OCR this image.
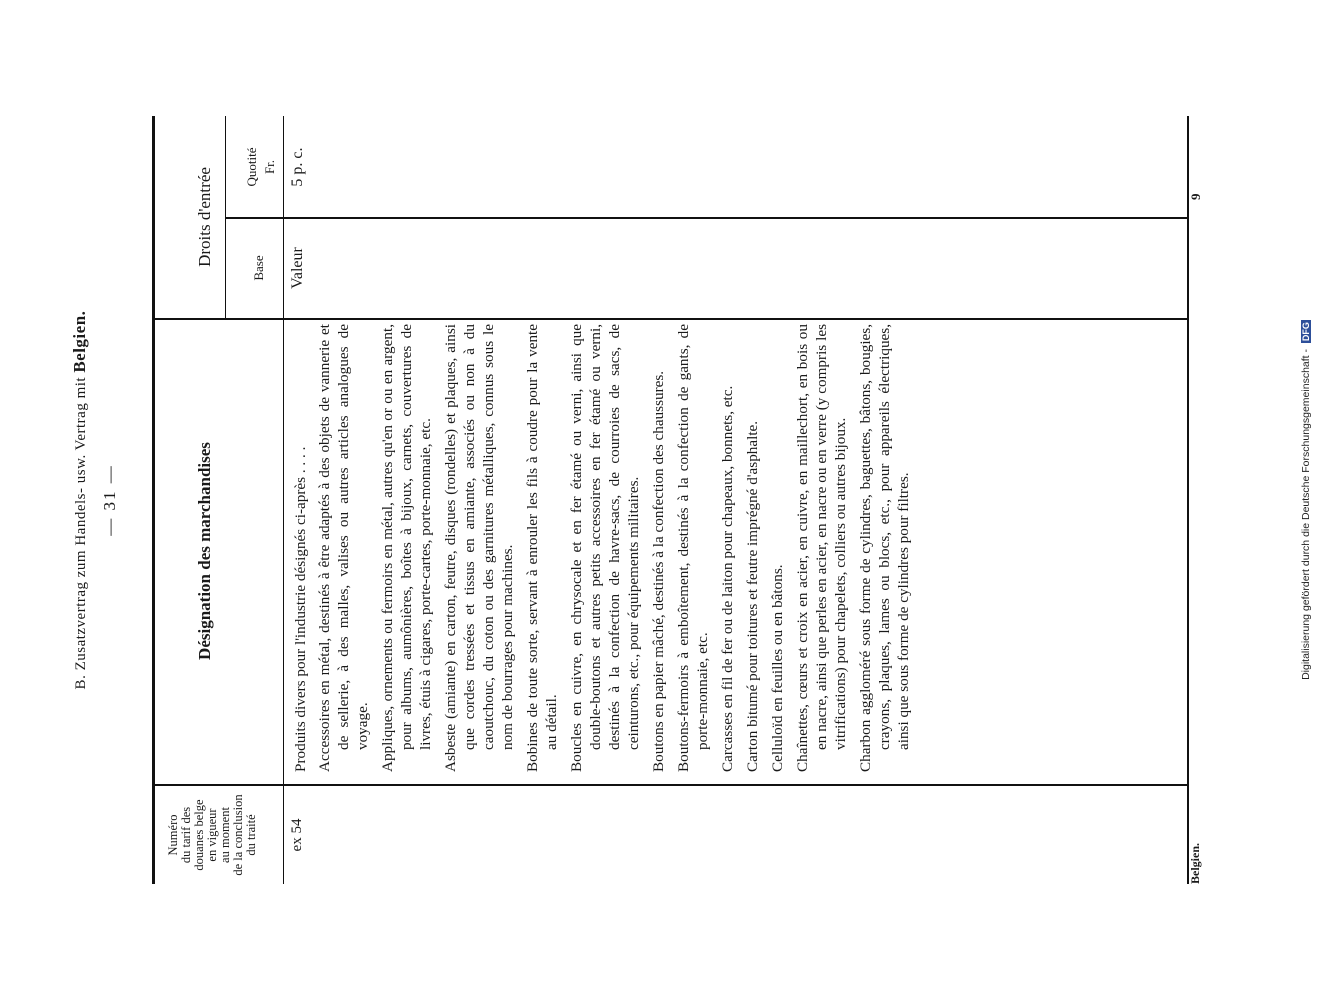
B. Zusatzvertrag zum Handels- usw. Vertrag mit Belgien.
— 31 —
Numéro du tarif des douanes belge en vigueur au moment de la conclusion du traité
Désignation des marchandises
Droits d'entrée
Base
Quotité Fr.
ex 54
Valeur
5 p. c.
Produits divers pour l'industrie désignés ci-après . . . . Accessoires en métal, destinés à être adaptés à des objets de vannerie et de sellerie, à des malles, valises ou autres articles analogues de voyage. Appliques, ornements ou fermoirs en métal, autres qu'en or ou en argent, pour albums, aumônières, boîtes à bijoux, carnets, couvertures de livres, étuis à cigares, porte-cartes, porte-monnaie, etc. Asbeste (amiante) en carton, feutre, disques (rondelles) et plaques, ainsi que cordes tressées et tissus en amiante, associés ou non à du caoutchouc, du coton ou des garnitures métalliques, connus sous le nom de bourrages pour machines. Bobines de toute sorte, servant à enrouler les fils à coudre pour la vente au détail. Boucles en cuivre, en chrysocale et en fer étamé ou verni, ainsi que double-boutons et autres petits accessoires en fer étamé ou verni, destinés à la confection de havre-sacs, de courroies de sacs, de ceinturons, etc., pour équipements militaires. Boutons en papier mâché, destinés à la confection des chaussures. Boutons-fermoirs à emboîtement, destinés à la confection de gants, de porte-monnaie, etc. Carcasses en fil de fer ou de laiton pour chapeaux, bonnets, etc. Carton bitumé pour toitures et feutre imprégné d'asphalte. Celluloïd en feuilles ou en bâtons. Chaînettes, cœurs et croix en acier, en cuivre, en maillechort, en bois ou en nacre, ainsi que perles en acier, en nacre ou en verre (y compris les vitrifications) pour chapelets, colliers ou autres bijoux. Charbon aggloméré sous forme de cylindres, baguettes, bâtons, bougies, crayons, plaques, lames ou blocs, etc., pour appareils électriques, ainsi que sous forme de cylindres pour filtres.
Belgien.
9
Digitalisierung gefördert durch die Deutsche Forschungsgemeinschaft - DFG
